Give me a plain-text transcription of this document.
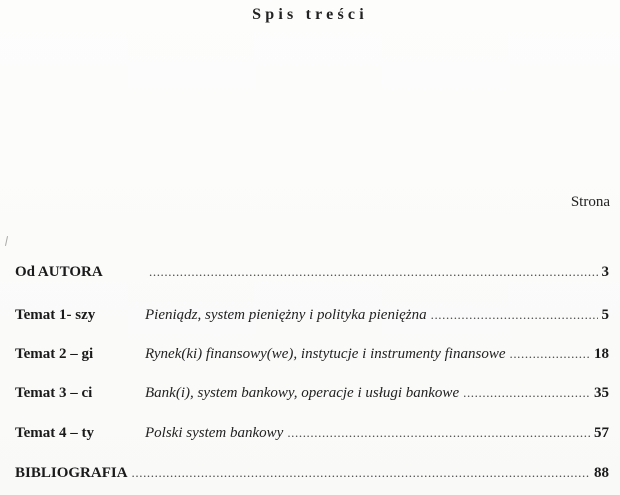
Spis treści
Strona
Od AUTORA .....	3
Temat 1- szy	Pieniądz, system pieniężny i polityka pieniężna .....	5
Temat 2 – gi	Rynek(ki) finansowy(we), instytucje i instrumenty finansowe .....	18
Temat 3 – ci	Bank(i), system bankowy, operacje i usługi bankowe .....	35
Temat 4 – ty	Polski system bankowy .....	57
BIBLIOGRAFIA .....	88
